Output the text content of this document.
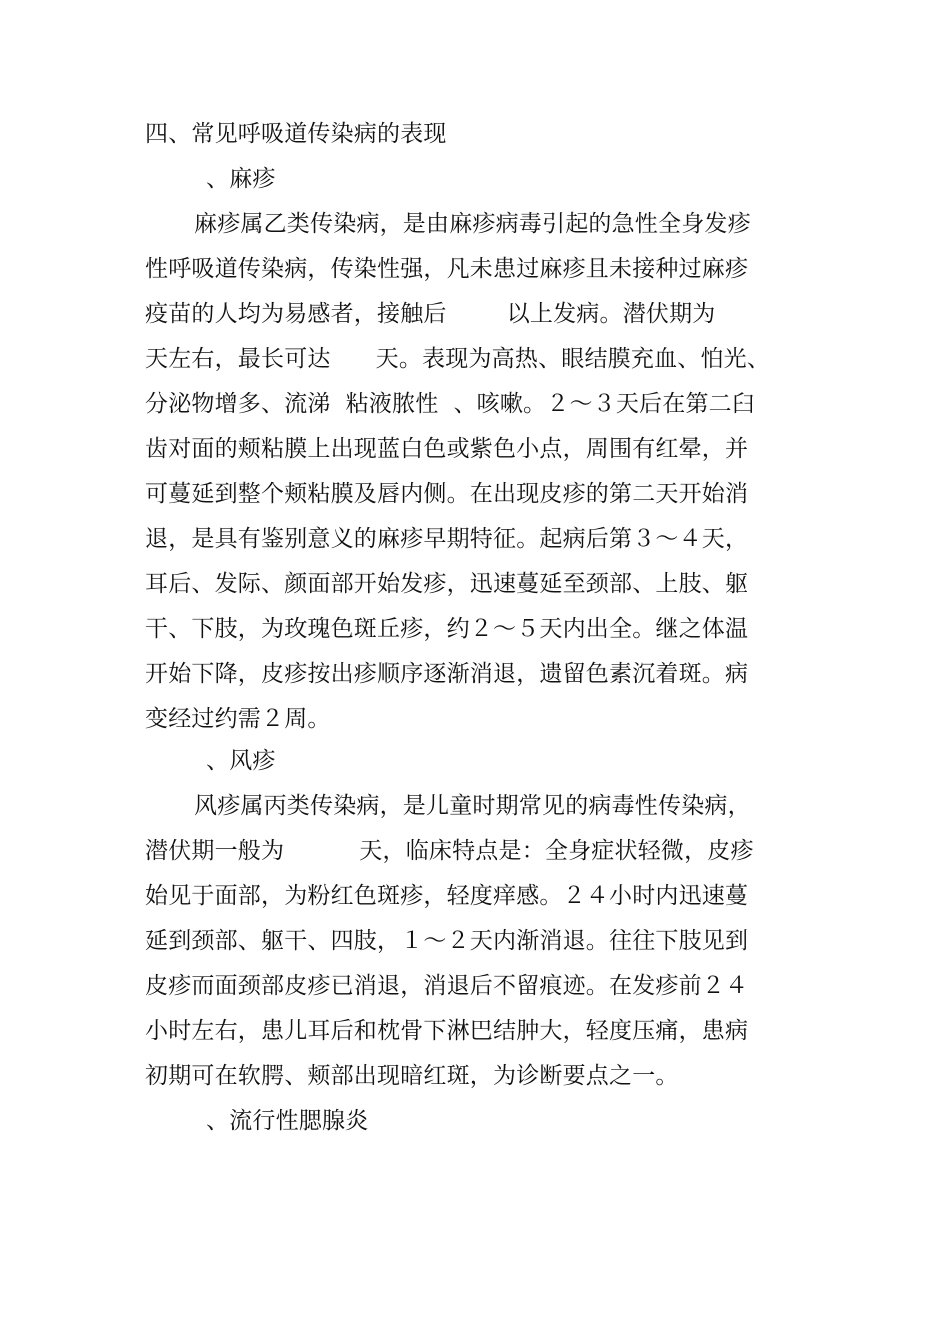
四、常见呼吸道传染病的表现
、麻疹
麻疹属乙类传染病，是由麻疹病毒引起的急性全身发疹
性呼吸道传染病，传染性强，凡未患过麻疹且未接种过麻疹
疫苗的人均为易感者，接触后        以上发病。潜伏期为
天左右，最长可达      天。表现为高热、眼结膜充血、怕光、
分泌物增多、流涕  粘液脓性  、咳嗽。２～３天后在第二臼
齿对面的颊粘膜上出现蓝白色或紫色小点，周围有红晕，并
可蔓延到整个颊粘膜及唇内侧。在出现皮疹的第二天开始消
退，是具有鉴别意义的麻疹早期特征。起病后第３～４天，
耳后、发际、颜面部开始发疹，迅速蔓延至颈部、上肢、躯
干、下肢，为玫瑰色斑丘疹，约２～５天内出全。继之体温
开始下降，皮疹按出疹顺序逐渐消退，遗留色素沉着斑。病
变经过约需２周。
、风疹
风疹属丙类传染病，是儿童时期常见的病毒性传染病，
潜伏期一般为          天，临床特点是：全身症状轻微，皮疹
始见于面部，为粉红色斑疹，轻度痒感。２４小时内迅速蔓
延到颈部、躯干、四肢，１～２天内渐消退。往往下肢见到
皮疹而面颈部皮疹已消退，消退后不留痕迹。在发疹前２４
小时左右，患儿耳后和枕骨下淋巴结肿大，轻度压痛，患病
初期可在软腭、颊部出现暗红斑，为诊断要点之一。
、流行性腮腺炎
